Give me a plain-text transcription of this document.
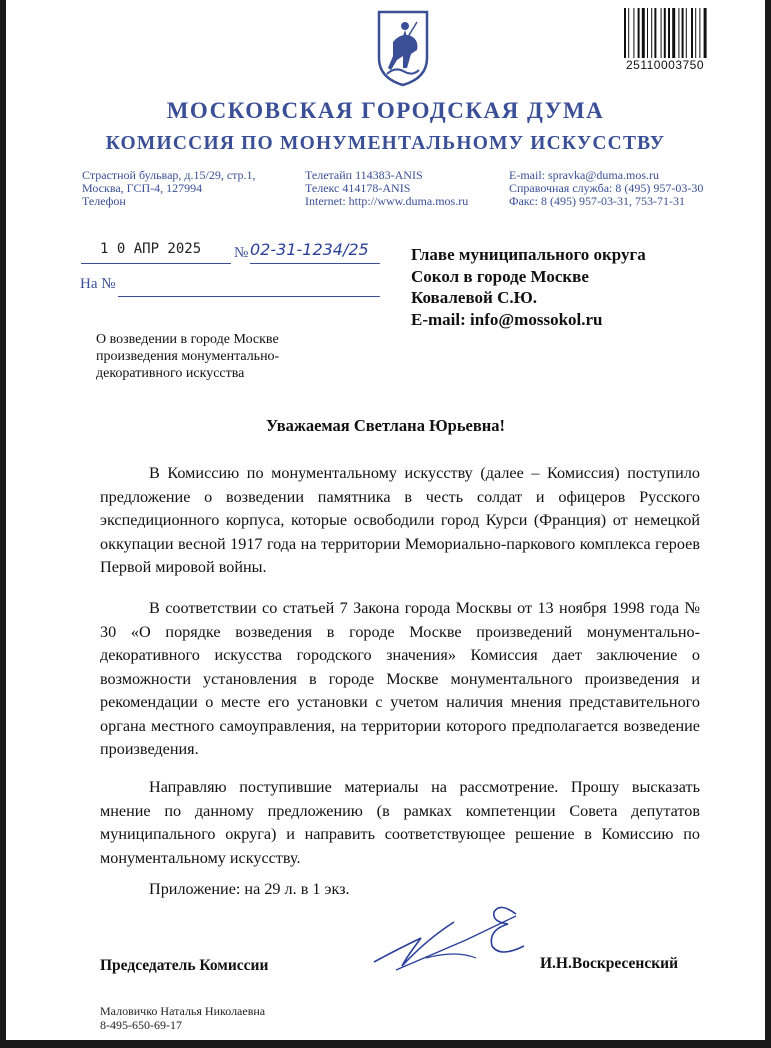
25110003750
МОСКОВСКАЯ ГОРОДСКАЯ ДУМА
КОМИССИЯ ПО МОНУМЕНТАЛЬНОМУ ИСКУССТВУ
Страстной бульвар, д.15/29, стр.1,
Москва, ГСП-4, 127994
Телефон
Телетайп 114383-ANIS
Телекс 414178-ANIS
Internet: http://www.duma.mos.ru
E-mail: spravka@duma.mos.ru
Справочная служба: 8 (495) 957-03-30
Факс: 8 (495) 957-03-31, 753-71-31
1 0 АПР 2025 № 02-31-1234/25
На №
Главе муниципального округа
Сокол в городе Москве
Ковалевой С.Ю.
E-mail: info@mossokol.ru
О возведении в городе Москве
произведения монументально-
декоративного искусства
Уважаемая Светлана Юрьевна!
В Комиссию по монументальному искусству (далее – Комиссия) поступило предложение о возведении памятника в честь солдат и офицеров Русского экспедиционного корпуса, которые освободили город Курси (Франция) от немецкой оккупации весной 1917 года на территории Мемориально-паркового комплекса героев Первой мировой войны.
В соответствии со статьей 7 Закона города Москвы от 13 ноября 1998 года № 30 «О порядке возведения в городе Москве произведений монументально-декоративного искусства городского значения» Комиссия дает заключение о возможности установления в городе Москве монументального произведения и рекомендации о месте его установки с учетом наличия мнения представительного органа местного самоуправления, на территории которого предполагается возведение произведения.
Направляю поступившие материалы на рассмотрение. Прошу высказать мнение по данному предложению (в рамках компетенции Совета депутатов муниципального округа) и направить соответствующее решение в Комиссию по монументальному искусству.
Приложение: на 29 л. в 1 экз.
Председатель Комиссии	И.Н.Воскресенский
Маловичко Наталья Николаевна
8-495-650-69-17
